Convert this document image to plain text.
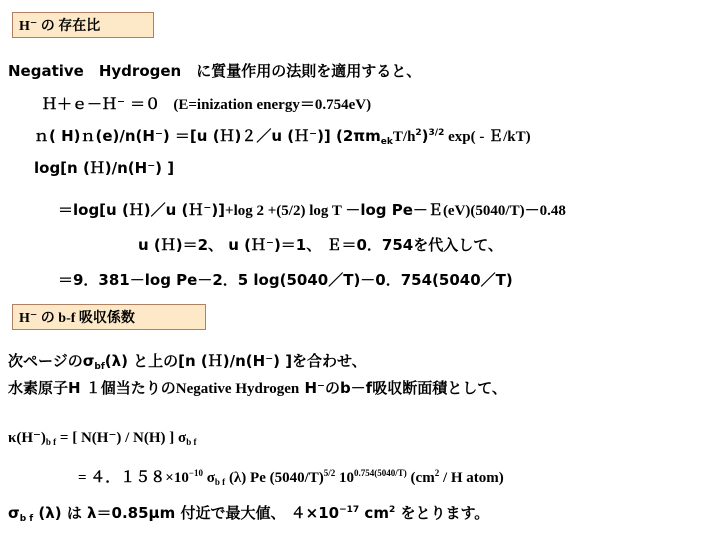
H⁻ の 存在比
Negative　Hydrogen　に質量作用の法則を適用すると、
Ｈ＋ｅ－Ｈ⁻ ＝０ (E=inization energy＝0.754eV)
ｎ( H)ｎ(e)/n(H⁻) ＝[u (Ｈ)２／u (Ｈ⁻)] $(2\pi m_{ek}T/h^2)^{3/2}$ exp( - Ｅ/kT)
log[n (Ｈ)/n(H⁻) ]
＝log[u (Ｈ)／u (Ｈ⁻)]+log 2 +(5/2) log T －log Pe－Ｅ(eV)(5040/T)－0.48
u (Ｈ)＝2、 u (Ｈ⁻)＝1、 Ｅ＝0．754を代入して、
＝9．381－log Pe－2．5 log(5040／T)－0．754(5040／T)
H⁻ の b-f 吸収係数
次ページの$\sigma_{bf}(\lambda)$ と上の[n (Ｈ)/n(H⁻) ]を合わせ、
水素原子H １個当たりのNegative Hydrogen H⁻のb－f吸収断面積として、
$\kappa(H^-)_{b f}$ = [ N(H⁻) / N(H) ] $\sigma_{b f}$
= ４．$158\times 10^{-10}$ $\sigma_{b f}$ (λ) Pe $(5040/T)^{5/2}$ $10^{0.754(5040/T)}$ ($cm^2$ / H atom)
$\sigma_{b f}$ (λ) は λ＝0.85μm 付近で最大値、 $4\times 10^{-17}$ $cm^2$ をとります。
